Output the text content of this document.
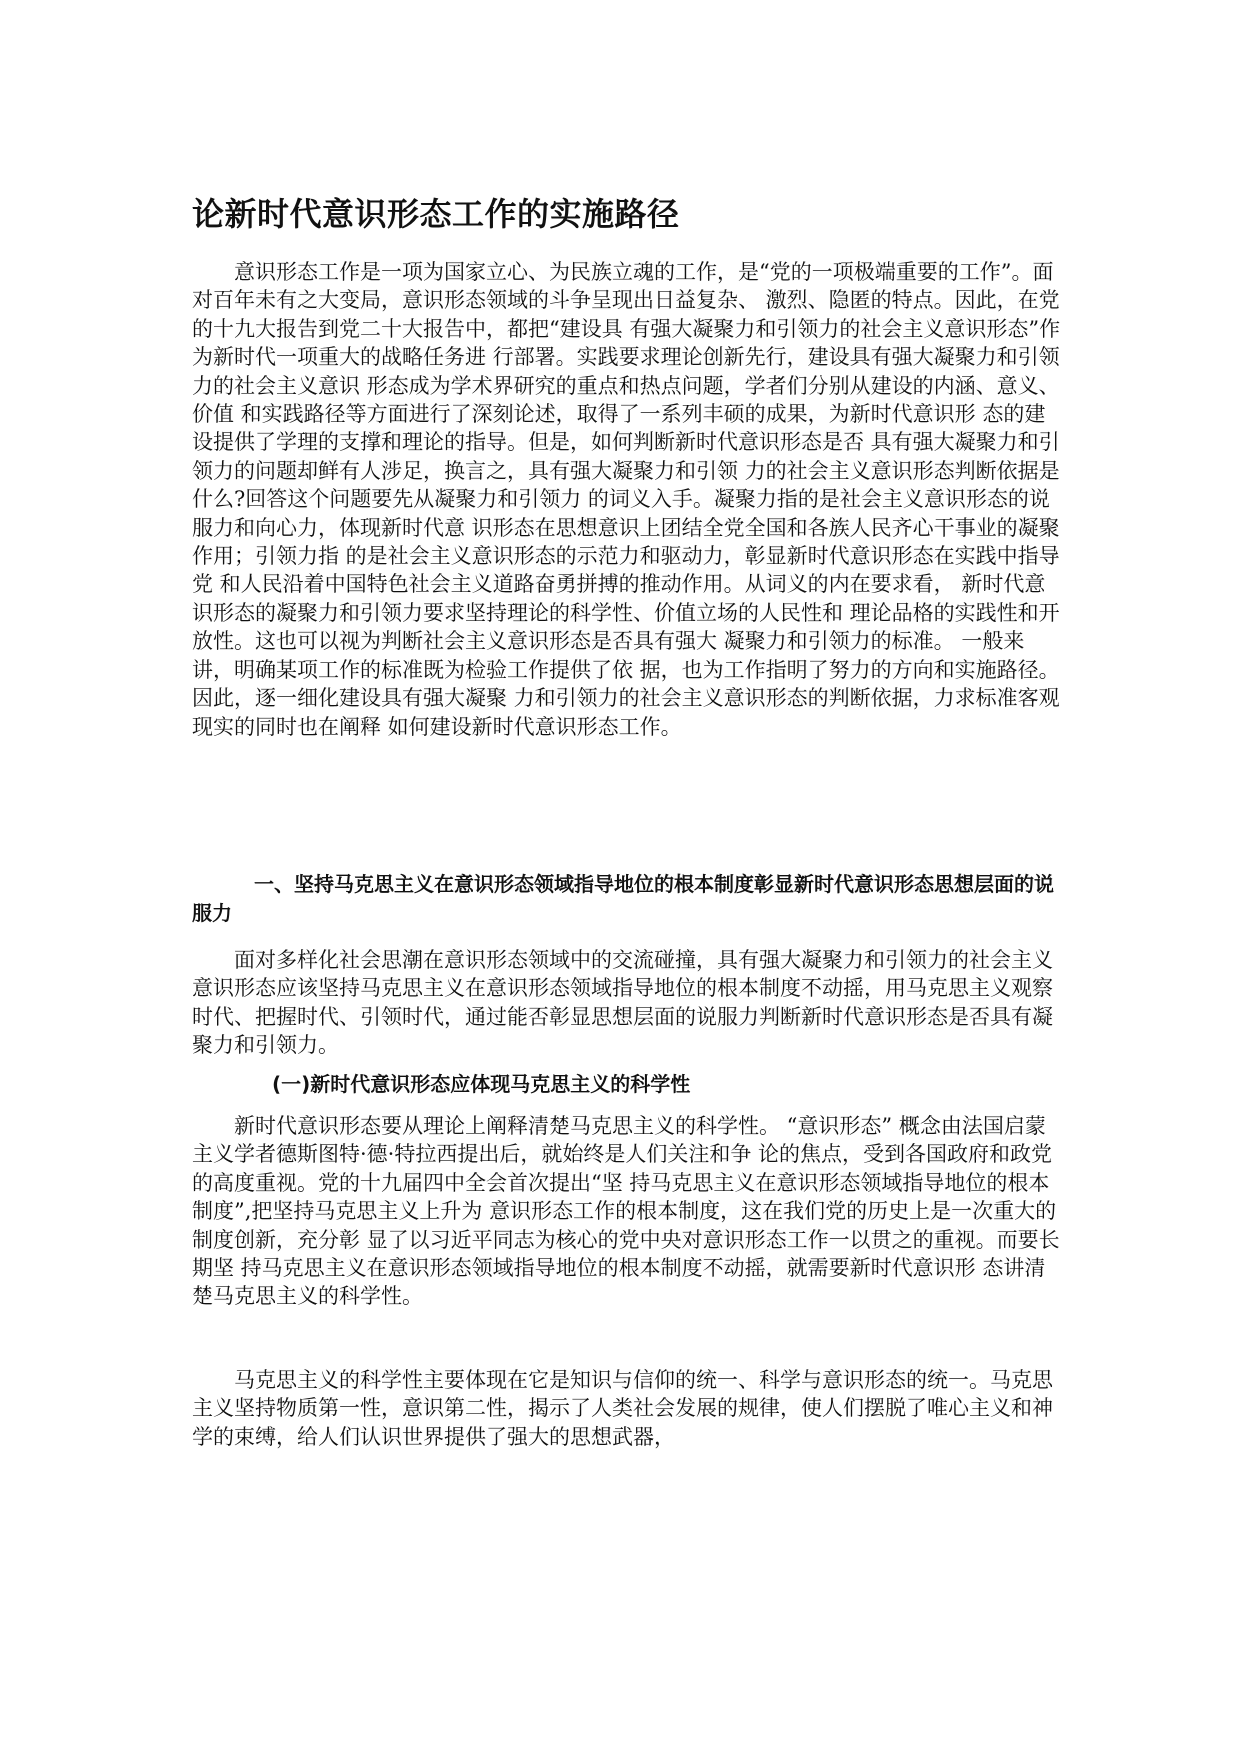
论新时代意识形态工作的实施路径

意识形态工作是一项为国家立心、为民族立魂的工作，是“党的一项极端重要的工作”。面对百年未有之大变局，意识形态领域的斗争呈现出日益复杂、 激烈、隐匿的特点。因此，在党的十九大报告到党二十大报告中，都把“建设具 有强大凝聚力和引领力的社会主义意识形态”作为新时代一项重大的战略任务进 行部署。实践要求理论创新先行，建设具有强大凝聚力和引领力的社会主义意识 形态成为学术界研究的重点和热点问题，学者们分别从建设的内涵、意义、价值 和实践路径等方面进行了深刻论述，取得了一系列丰硕的成果，为新时代意识形 态的建设提供了学理的支撑和理论的指导。但是，如何判断新时代意识形态是否 具有强大凝聚力和引领力的问题却鲜有人涉足，换言之，具有强大凝聚力和引领 力的社会主义意识形态判断依据是什么?回答这个问题要先从凝聚力和引领力 的词义入手。凝聚力指的是社会主义意识形态的说服力和向心力，体现新时代意 识形态在思想意识上团结全党全国和各族人民齐心干事业的凝聚作用；引领力指 的是社会主义意识形态的示范力和驱动力，彰显新时代意识形态在实践中指导党 和人民沿着中国特色社会主义道路奋勇拼搏的推动作用。从词义的内在要求看， 新时代意识形态的凝聚力和引领力要求坚持理论的科学性、价值立场的人民性和 理论品格的实践性和开放性。这也可以视为判断社会主义意识形态是否具有强大 凝聚力和引领力的标准。 一般来讲，明确某项工作的标准既为检验工作提供了依 据，也为工作指明了努力的方向和实施路径。因此，逐一细化建设具有强大凝聚 力和引领力的社会主义意识形态的判断依据，力求标准客观现实的同时也在阐释 如何建设新时代意识形态工作。

一、坚持马克思主义在意识形态领域指导地位的根本制度彰显新时代意识形态思想层面的说服力

面对多样化社会思潮在意识形态领域中的交流碰撞，具有强大凝聚力和引领力的社会主义意识形态应该坚持马克思主义在意识形态领域指导地位的根本制度不动摇，用马克思主义观察时代、把握时代、引领时代，通过能否彰显思想层面的说服力判断新时代意识形态是否具有凝聚力和引领力。

(一)新时代意识形态应体现马克思主义的科学性

新时代意识形态要从理论上阐释清楚马克思主义的科学性。 “意识形态” 概念由法国启蒙主义学者德斯图特·德·特拉西提出后，就始终是人们关注和争 论的焦点，受到各国政府和政党的高度重视。党的十九届四中全会首次提出“坚 持马克思主义在意识形态领域指导地位的根本制度”,把坚持马克思主义上升为 意识形态工作的根本制度，这在我们党的历史上是一次重大的制度创新，充分彰 显了以习近平同志为核心的党中央对意识形态工作一以贯之的重视。而要长期坚 持马克思主义在意识形态领域指导地位的根本制度不动摇，就需要新时代意识形 态讲清楚马克思主义的科学性。

马克思主义的科学性主要体现在它是知识与信仰的统一、科学与意识形态的统一。马克思主义坚持物质第一性，意识第二性，揭示了人类社会发展的规律，使人们摆脱了唯心主义和神学的束缚，给人们认识世界提供了强大的思想武器，
